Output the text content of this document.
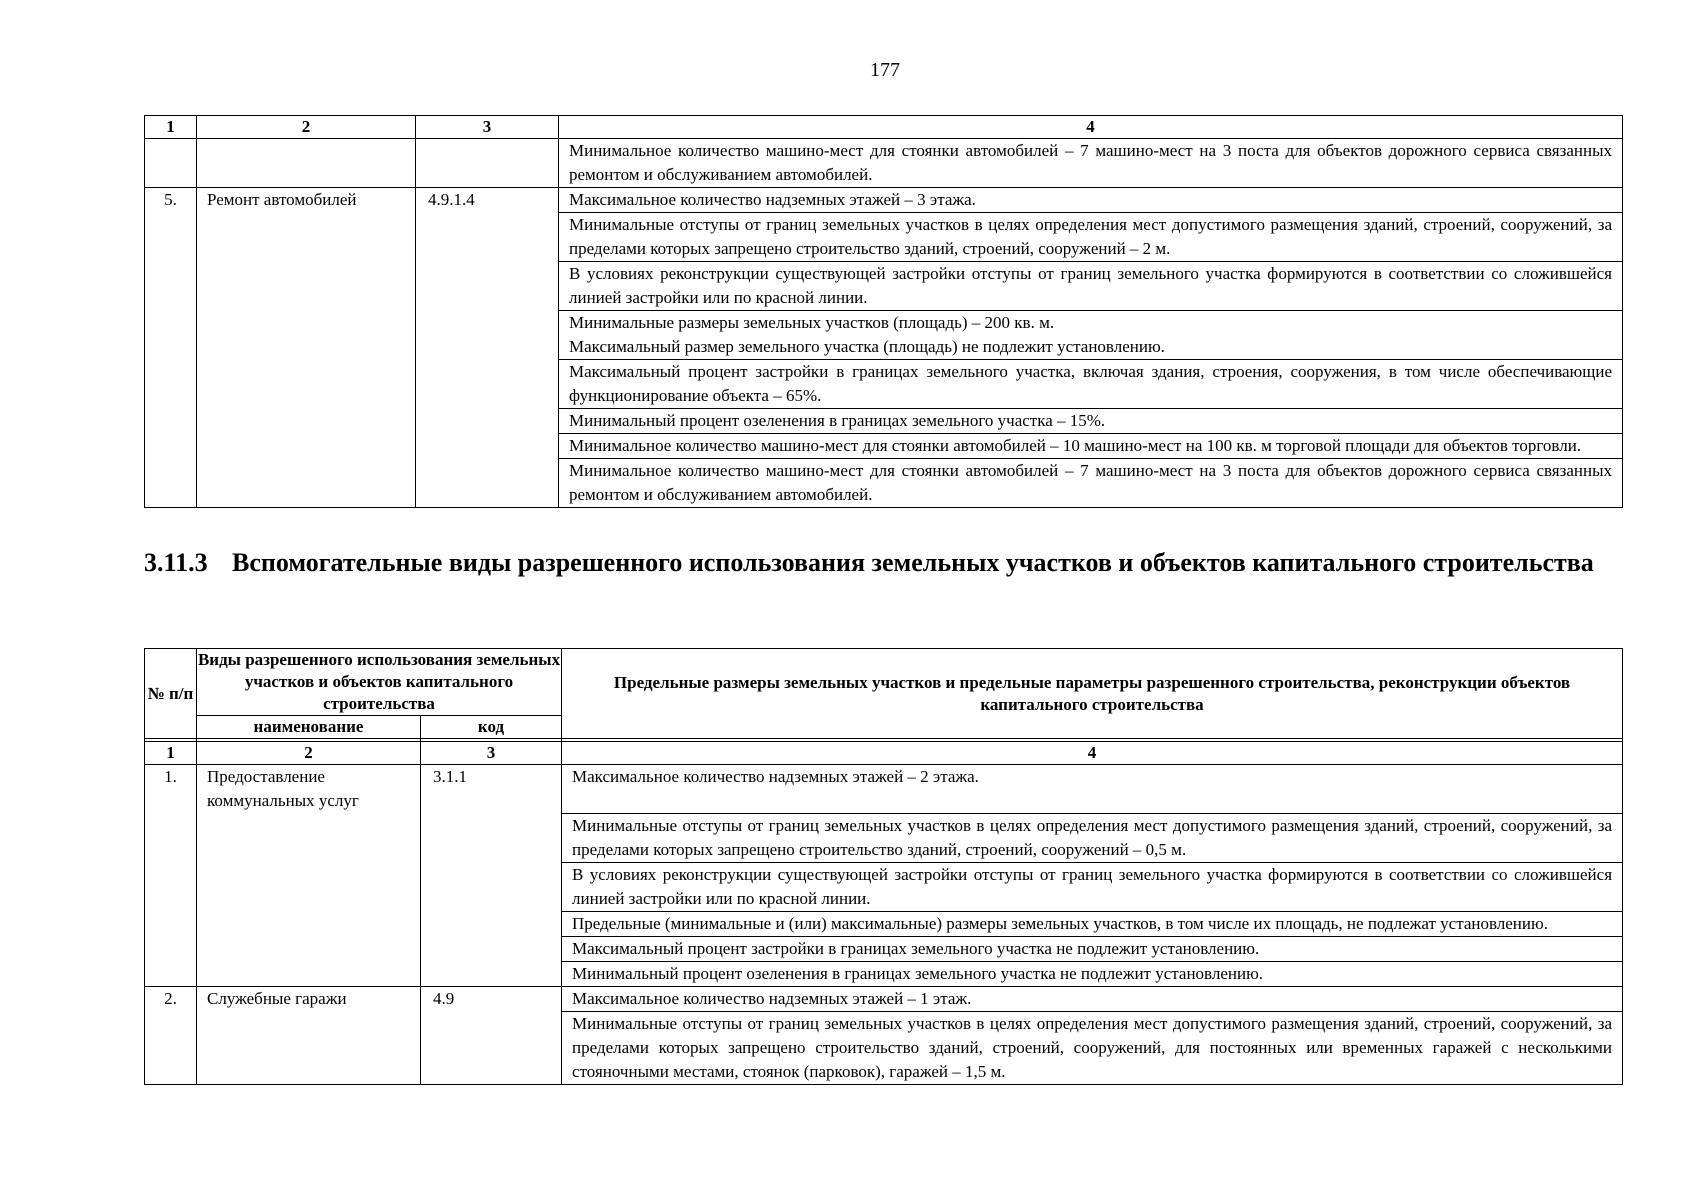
177
1	2	3	4
			Минимальное количество машино-мест для стоянки автомобилей – 7 машино-мест на 3 поста для объектов дорожного сервиса связанных ремонтом и обслуживанием автомобилей.
5.	Ремонт автомобилей	4.9.1.4	Максимальное количество надземных этажей – 3 этажа.
			Минимальные отступы от границ земельных участков в целях определения мест допустимого размещения зданий, строений, сооружений, за пределами которых запрещено строительство зданий, строений, сооружений – 2 м.
			В условиях реконструкции существующей застройки отступы от границ земельного участка формируются в соответствии со сложившейся линией застройки или по красной линии.

			Минимальные размеры земельных участков (площадь) – 200 кв. м.
Максимальный размер земельного участка (площадь) не подлежит установлению.

			Максимальный процент застройки в границах земельного участка, включая здания, строения, сооружения, в том числе обеспечивающие функционирование объекта – 65%.
			Минимальный процент озеленения в границах земельного участка – 15%.
			Минимальное количество машино-мест для стоянки автомобилей – 10 машино-мест на 100 кв. м торговой площади для объектов торговли.
			Минимальное количество машино-мест для стоянки автомобилей – 7 машино-мест на 3 поста для объектов дорожного сервиса связанных ремонтом и обслуживанием автомобилей.
3.11.3 Вспомогательные виды разрешенного использования земельных участков и объектов капитального строительства
№ п/п	Виды разрешенного использования земельных участков и объектов капитального строительства		Предельные размеры земельных участков и предельные параметры разрешенного строительства, реконструкции объектов капитального строительства
	наименование	код	

1	2	3	4
1.	Предоставление коммунальных услуг	3.1.1	Максимальное количество надземных этажей – 2 этажа.
			Минимальные отступы от границ земельных участков в целях определения мест допустимого размещения зданий, строений, сооружений, за пределами которых запрещено строительство зданий, строений, сооружений – 0,5 м.
			В условиях реконструкции существующей застройки отступы от границ земельного участка формируются в соответствии со сложившейся линией застройки или по красной линии.
			Предельные (минимальные и (или) максимальные) размеры земельных участков, в том числе их площадь, не подлежат установлению.
			Максимальный процент застройки в границах земельного участка не подлежит установлению.
			Минимальный процент озеленения в границах земельного участка не подлежит установлению.
2.	Служебные гаражи	4.9	Максимальное количество надземных этажей – 1 этаж.
			Минимальные отступы от границ земельных участков в целях определения мест допустимого размещения зданий, строений, сооружений, за пределами которых запрещено строительство зданий, строений, сооружений, для постоянных или временных гаражей с несколькими стояночными местами, стоянок (парковок), гаражей – 1,5 м.
